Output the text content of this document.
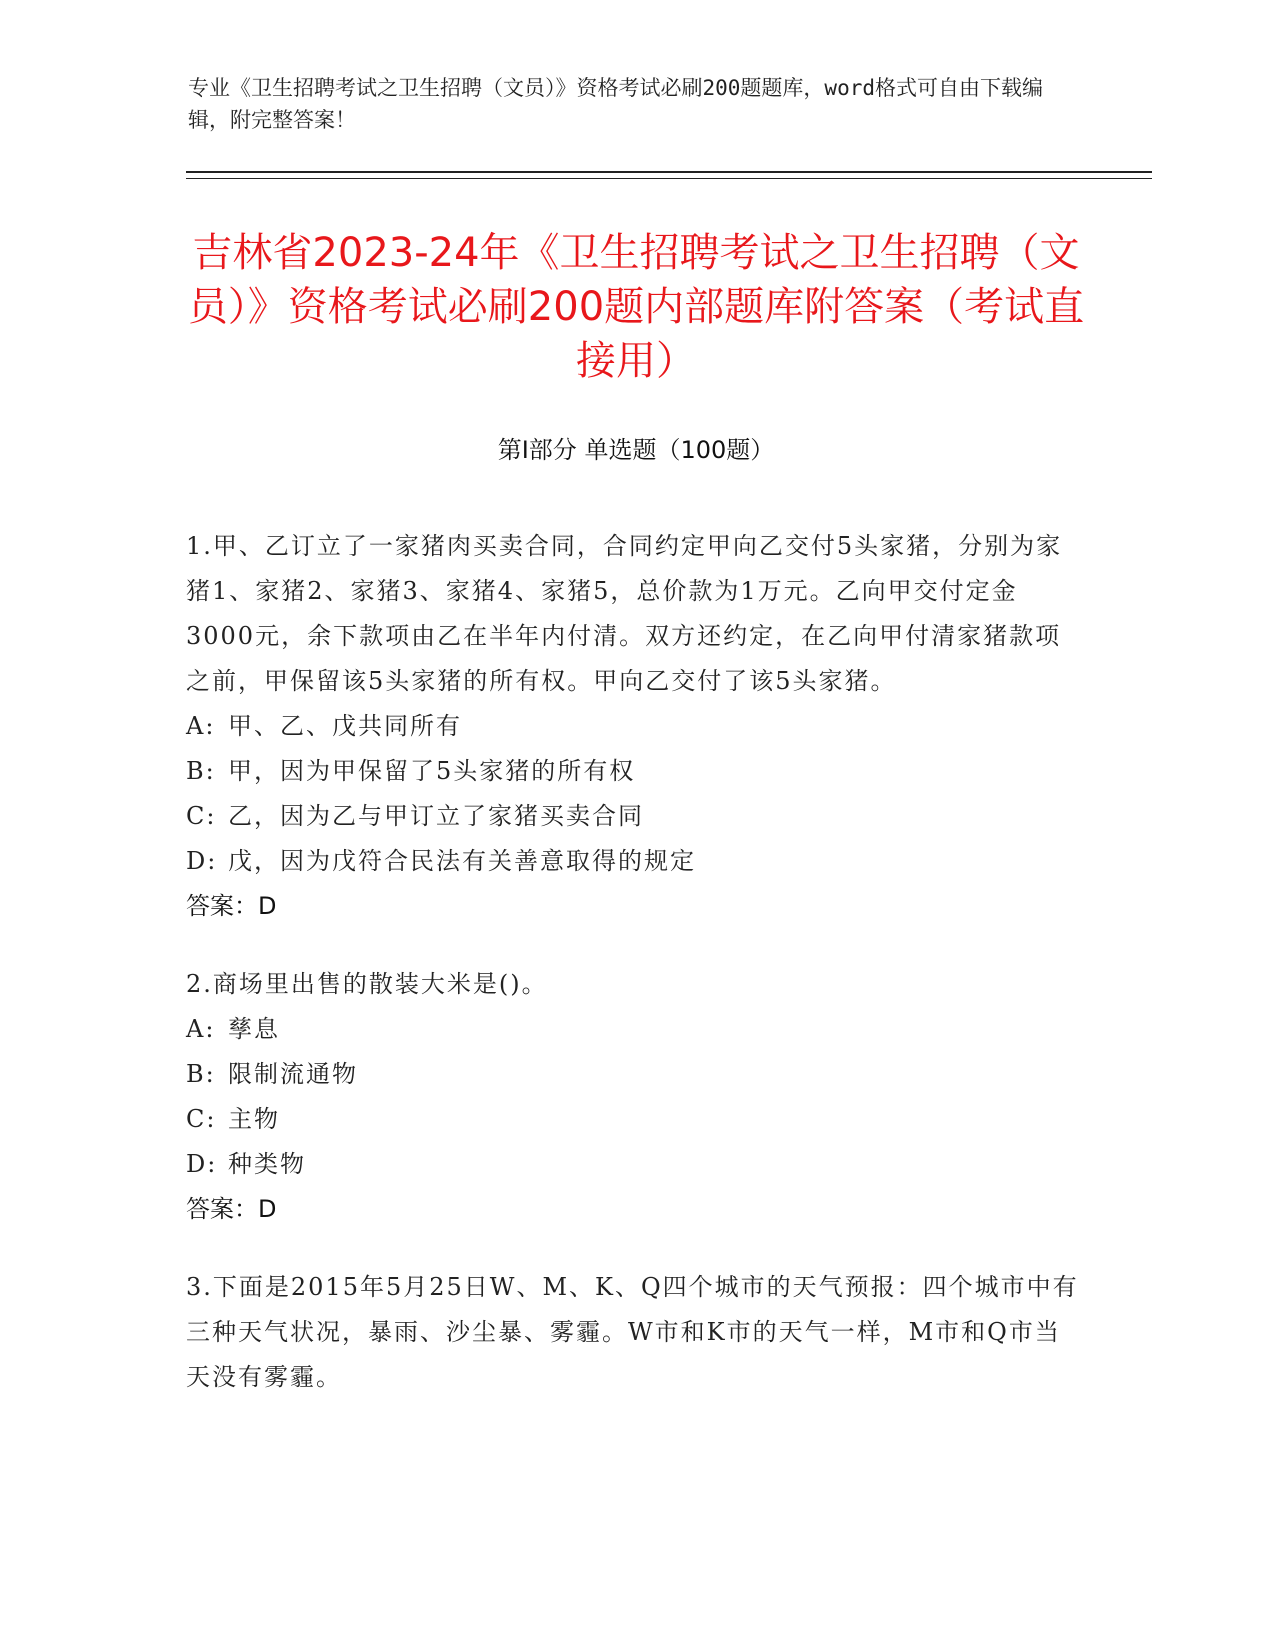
专业《卫生招聘考试之卫生招聘（文员）》资格考试必刷200题题库，word格式可自由下载编辑，附完整答案！
吉林省2023-24年《卫生招聘考试之卫生招聘（文员）》资格考试必刷200题内部题库附答案（考试直接用）
第Ⅰ部分 单选题（100题）

1.甲、乙订立了一家猪肉买卖合同，合同约定甲向乙交付5头家猪，分别为家猪1、家猪2、家猪3、家猪4、家猪5，总价款为1万元。乙向甲交付定金3000元，余下款项由乙在半年内付清。双方还约定，在乙向甲付清家猪款项之前，甲保留该5头家猪的所有权。甲向乙交付了该5头家猪。

A: 甲、乙、戊共同所有
B: 甲，因为甲保留了5头家猪的所有权
C: 乙，因为乙与甲订立了家猪买卖合同
D: 戊，因为戊符合民法有关善意取得的规定
答案：D

2.商场里出售的散装大米是()。

A: 孳息
B: 限制流通物
C: 主物
D: 种类物
答案：D

3.下面是2015年5月25日W、M、K、Q四个城市的天气预报：四个城市中有三种天气状况，暴雨、沙尘暴、雾霾。W市和K市的天气一样，M市和Q市当天没有雾霾。
